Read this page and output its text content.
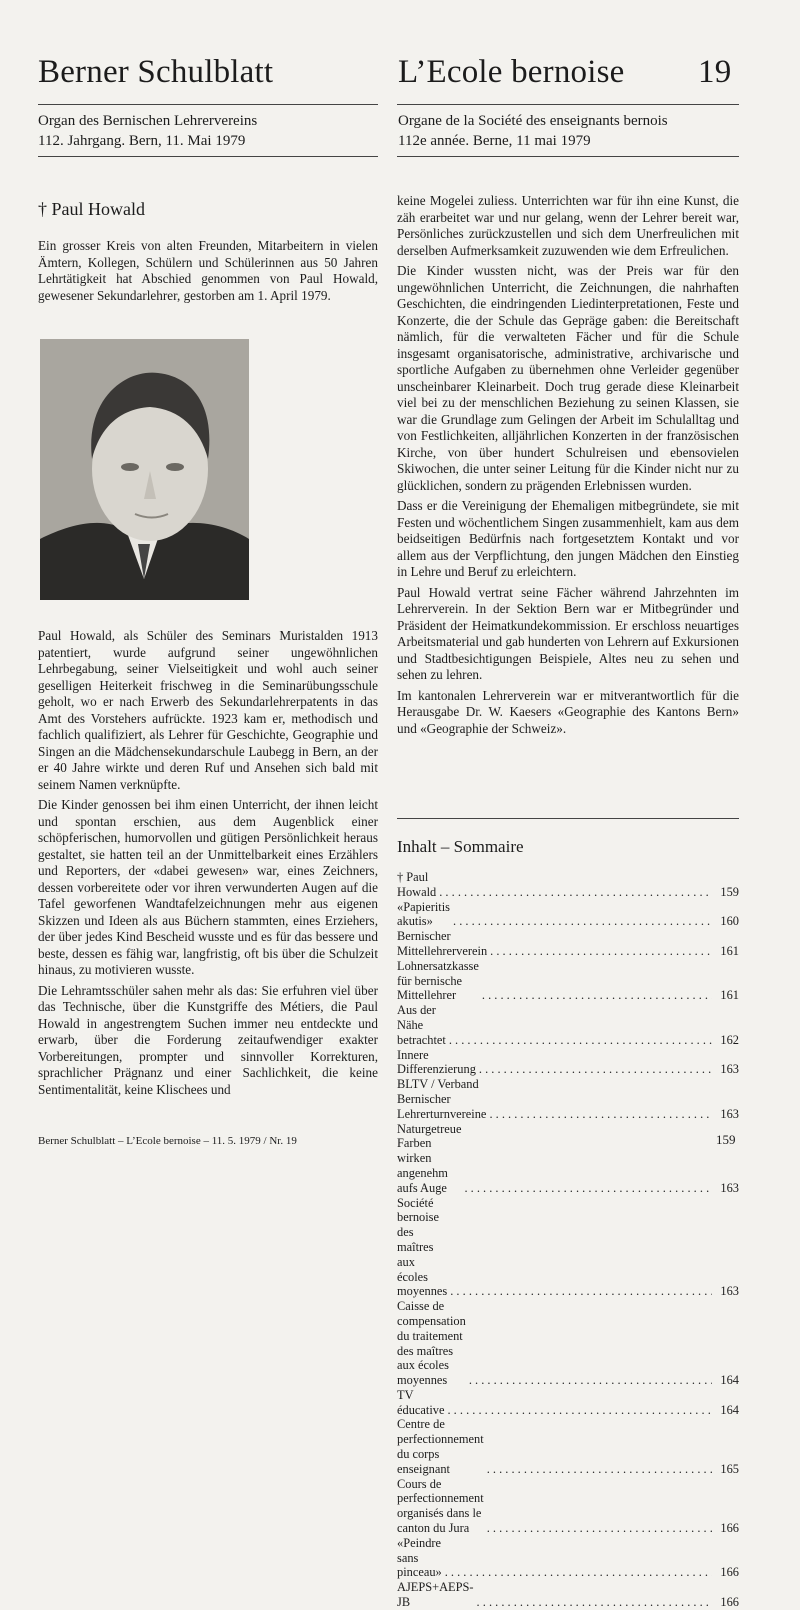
Berner Schulblatt	L’Ecole bernoise 19
Organ des Bernischen Lehrervereins
112. Jahrgang. Bern, 11. Mai 1979
Organe de la Société des enseignants bernois
112e année. Berne, 11 mai 1979
† Paul Howald

Ein grosser Kreis von alten Freunden, Mitarbeitern in vielen Ämtern, Kollegen, Schülern und Schülerinnen aus 50 Jahren Lehrtätigkeit hat Abschied genommen von Paul Howald, gewesener Sekundarlehrer, gestorben am 1. April 1979.

Paul Howald, als Schüler des Seminars Muristalden 1913 patentiert, wurde aufgrund seiner ungewöhnlichen Lehrbegabung, seiner Vielseitigkeit und wohl auch seiner geselligen Heiterkeit frischweg in die Seminarübungsschule geholt, wo er nach Erwerb des Sekundarlehrerpatents in das Amt des Vorstehers aufrückte. 1923 kam er, methodisch und fachlich qualifiziert, als Lehrer für Geschichte, Geographie und Singen an die Mädchensekundarschule Laubegg in Bern, an der er 40 Jahre wirkte und deren Ruf und Ansehen sich bald mit seinem Namen verknüpfte.

Die Kinder genossen bei ihm einen Unterricht, der ihnen leicht und spontan erschien, aus dem Augenblick einer schöpferischen, humorvollen und gütigen Persönlichkeit heraus gestaltet, sie hatten teil an der Unmittelbarkeit eines Erzählers und Reporters, der «dabei gewesen» war, eines Zeichners, dessen vorbereitete oder vor ihren verwunderten Augen auf die Tafel geworfenen Wandtafelzeichnungen mehr aus eigenen Skizzen und Ideen als aus Büchern stammten, eines Erziehers, der über jedes Kind Bescheid wusste und es für das bessere und beste, dessen es fähig war, langfristig, oft bis über die Schulzeit hinaus, zu motivieren wusste.

Die Lehramtsschüler sahen mehr als das: Sie erfuhren viel über das Technische, über die Kunstgriffe des Métiers, die Paul Howald in angestrengtem Suchen immer neu entdeckte und erwarb, über die Forderung zeitaufwendiger exakter Vorbereitungen, prompter und sinnvoller Korrekturen, sprachlicher Prägnanz und einer Sachlichkeit, die keine Sentimentalität, keine Klischees und

keine Mogelei zuliess. Unterrichten war für ihn eine Kunst, die zäh erarbeitet war und nur gelang, wenn der Lehrer bereit war, Persönliches zurückzustellen und sich dem Unerfreulichen mit derselben Aufmerksamkeit zuzuwenden wie dem Erfreulichen.

Die Kinder wussten nicht, was der Preis war für den ungewöhnlichen Unterricht, die Zeichnungen, die nahrhaften Geschichten, die eindringenden Liedinterpretationen, Feste und Konzerte, die der Schule das Gepräge gaben: die Bereitschaft nämlich, für die verwalteten Fächer und für die Schule insgesamt organisatorische, administrative, archivarische und sportliche Aufgaben zu übernehmen ohne Verleider gegenüber unscheinbarer Kleinarbeit. Doch trug gerade diese Kleinarbeit viel bei zu der menschlichen Beziehung zu seinen Klassen, sie war die Grundlage zum Gelingen der Arbeit im Schulalltag und von Festlichkeiten, alljährlichen Konzerten in der französischen Kirche, von über hundert Schulreisen und ebensovielen Skiwochen, die unter seiner Leitung für die Kinder nicht nur zu glücklichen, sondern zu prägenden Erlebnissen wurden.

Dass er die Vereinigung der Ehemaligen mitbegründete, sie mit Festen und wöchentlichem Singen zusammenhielt, kam aus dem beidseitigen Bedürfnis nach fortgesetztem Kontakt und vor allem aus der Verpflichtung, den jungen Mädchen den Einstieg in Lehre und Beruf zu erleichtern.

Paul Howald vertrat seine Fächer während Jahrzehnten im Lehrerverein. In der Sektion Bern war er Mitbegründer und Präsident der Heimatkundekommission. Er erschloss neuartiges Arbeitsmaterial und gab hunderten von Lehrern auf Exkursionen und Stadtbesichtigungen Beispiele, Altes neu zu sehen und sehen zu lehren.

Im kantonalen Lehrerverein war er mitverantwortlich für die Herausgabe Dr. W. Kaesers «Geographie des Kantons Bern» und «Geographie der Schweiz».

Inhalt – Sommaire
† Paul Howald . . .	159
«Papieritis akutis» . . .	160
Bernischer Mittellehrerverein . . .	161
Lohnersatzkasse für bernische Mittellehrer . . .	161
Aus der Nähe betrachtet . . .	162
Innere Differenzierung . . .	163
BLTV / Verband Bernischer Lehrerturnvereine . . .	163
Naturgetreue Farben wirken angenehm aufs Auge . . .	163
Société bernoise des maîtres aux écoles moyennes . . .	163
Caisse de compensation du traitement des maîtres aux écoles moyennes . . .	164
TV éducative . . .	164
Centre de perfectionnement du corps enseignant . . .	165
Cours de perfectionnement organisés dans le canton du Jura . . .	166
«Peindre sans pinceau» . . .	166
AJEPS+AEPS-JB . . .	166
Berner Schulblatt – L’Ecole bernoise – 11. 5. 1979 / Nr. 19	159
